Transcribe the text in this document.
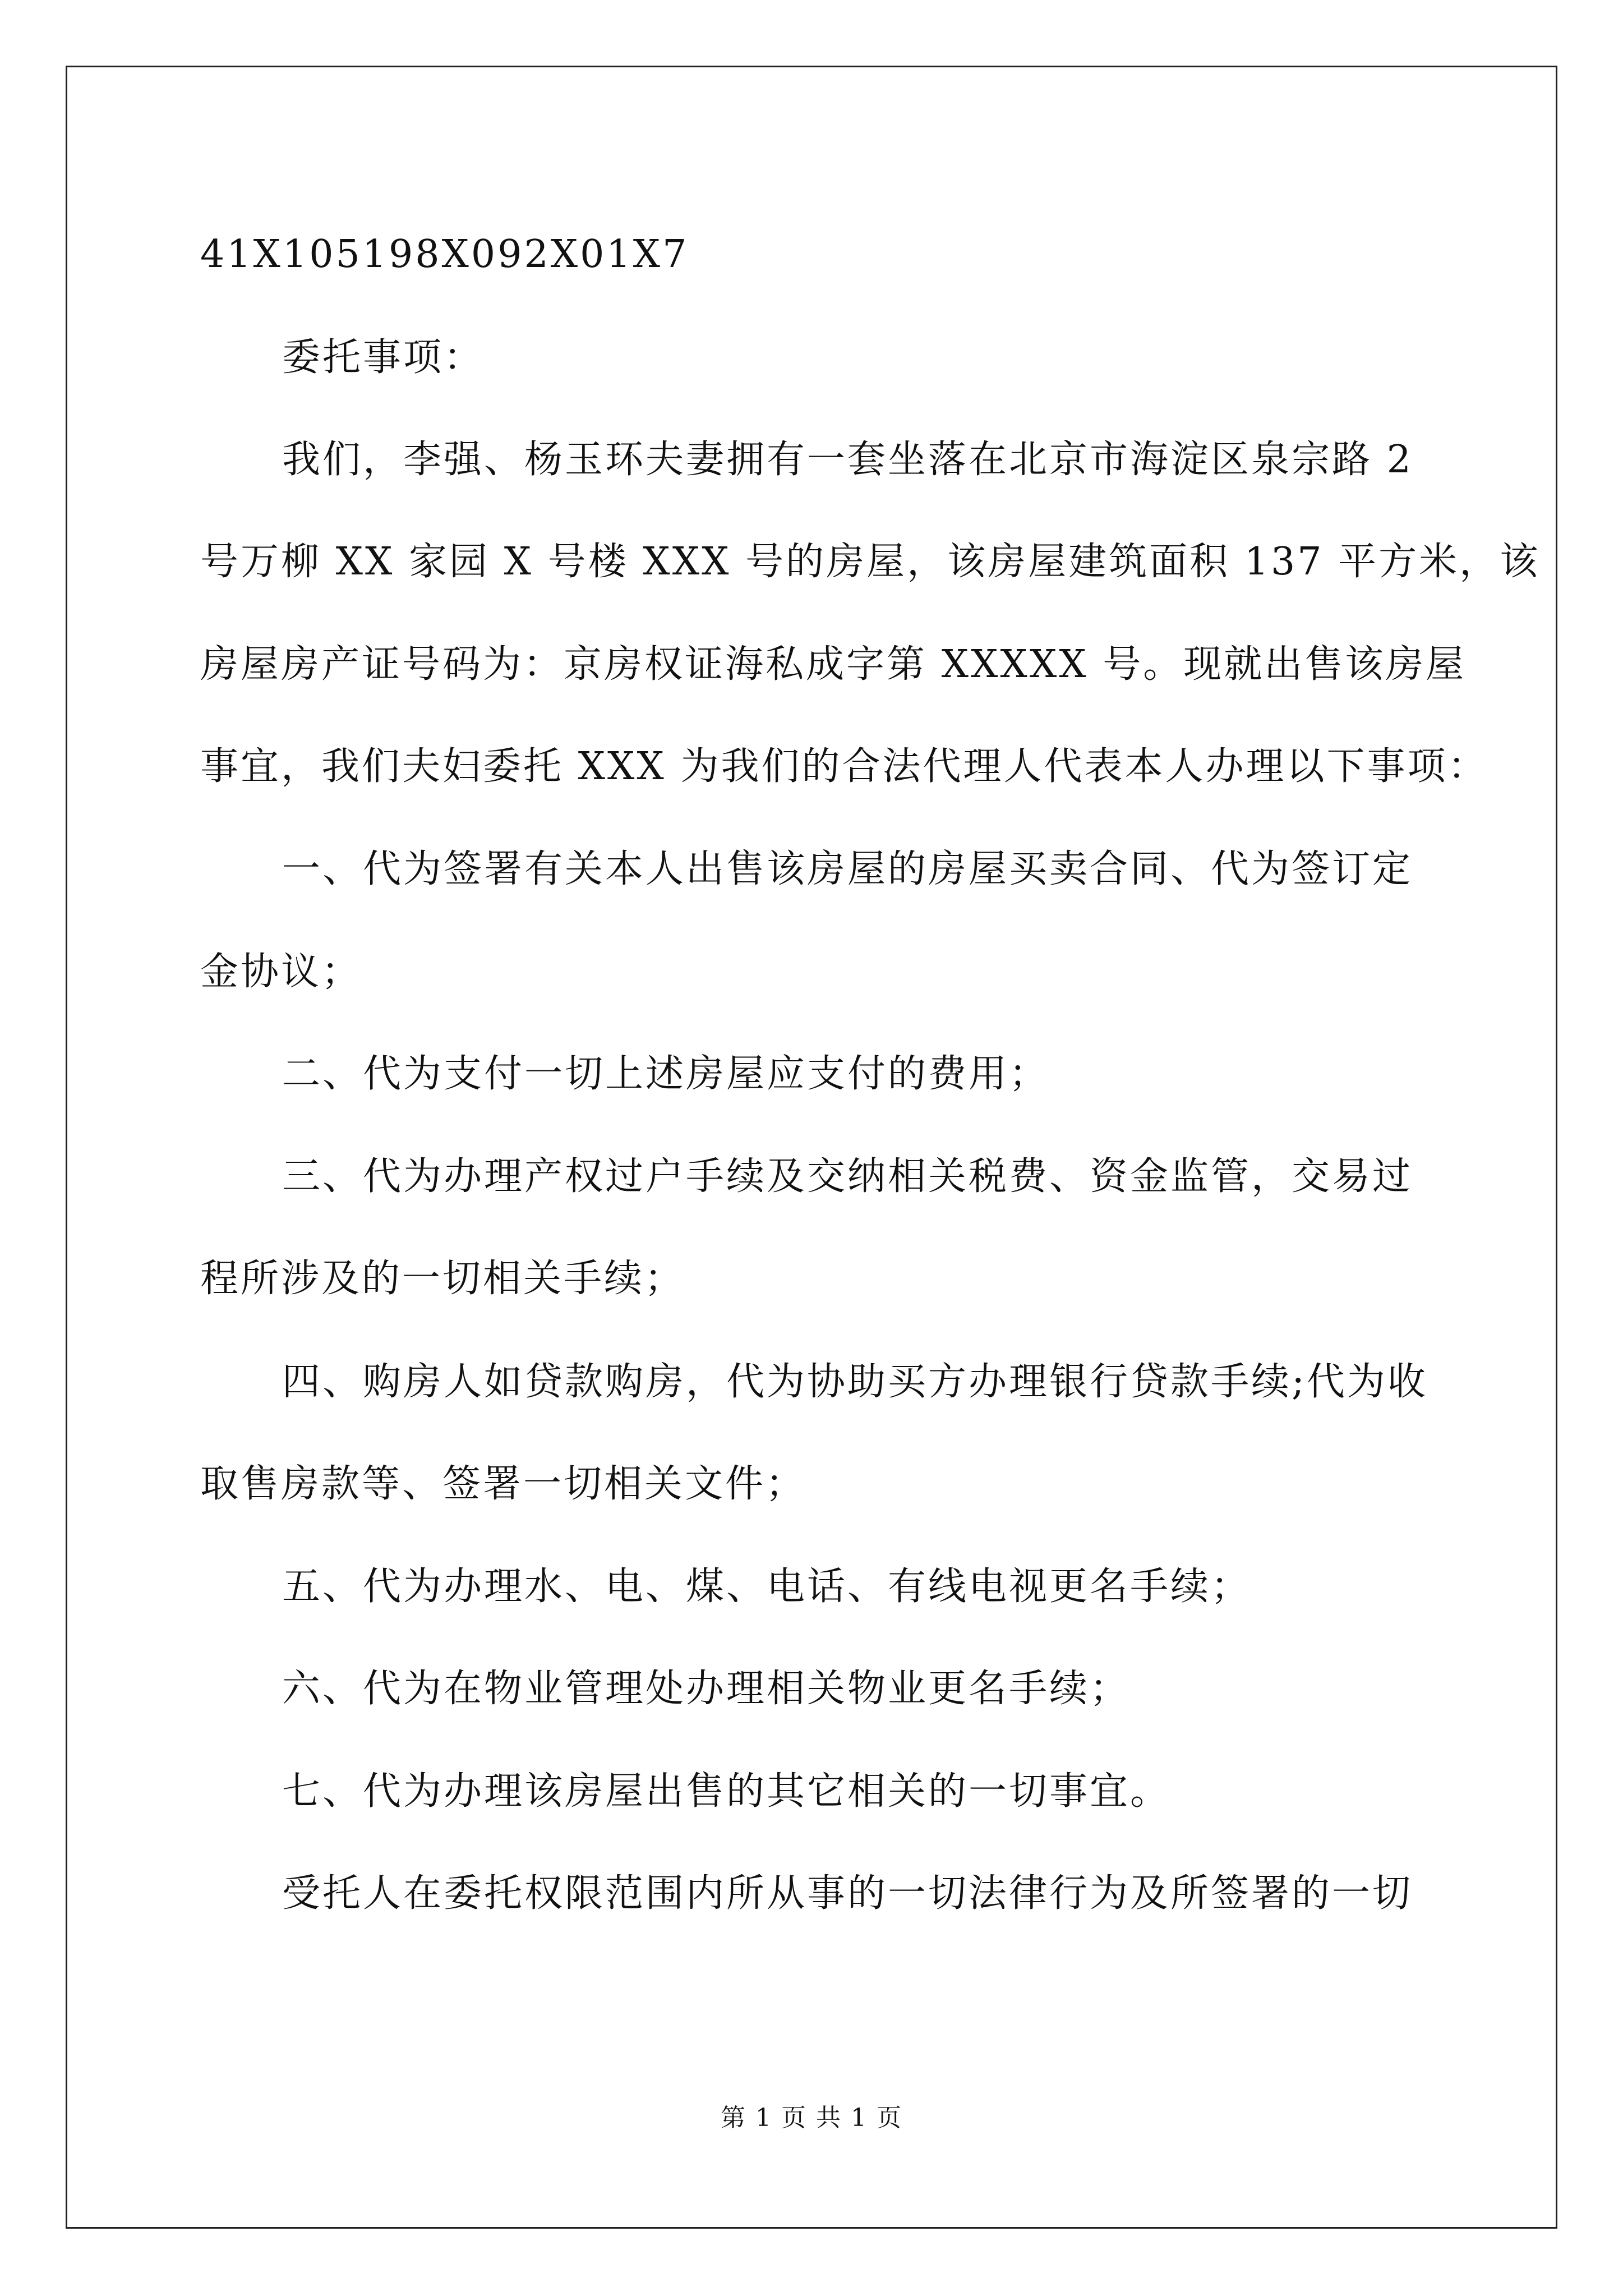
41X105198X092X01X7
委托事项：
我们，李强、杨玉环夫妻拥有一套坐落在北京市海淀区泉宗路 2
号万柳 XX 家园 X 号楼 XXX 号的房屋，该房屋建筑面积 137 平方米，该
房屋房产证号码为：京房权证海私成字第 XXXXX 号。现就出售该房屋
事宜，我们夫妇委托 XXX 为我们的合法代理人代表本人办理以下事项：
一、代为签署有关本人出售该房屋的房屋买卖合同、代为签订定
金协议；
二、代为支付一切上述房屋应支付的费用；
三、代为办理产权过户手续及交纳相关税费、资金监管，交易过
程所涉及的一切相关手续；
四、购房人如贷款购房，代为协助买方办理银行贷款手续;代为收
取售房款等、签署一切相关文件；
五、代为办理水、电、煤、电话、有线电视更名手续；
六、代为在物业管理处办理相关物业更名手续；
七、代为办理该房屋出售的其它相关的一切事宜。
受托人在委托权限范围内所从事的一切法律行为及所签署的一切
第 1 页 共 1 页
